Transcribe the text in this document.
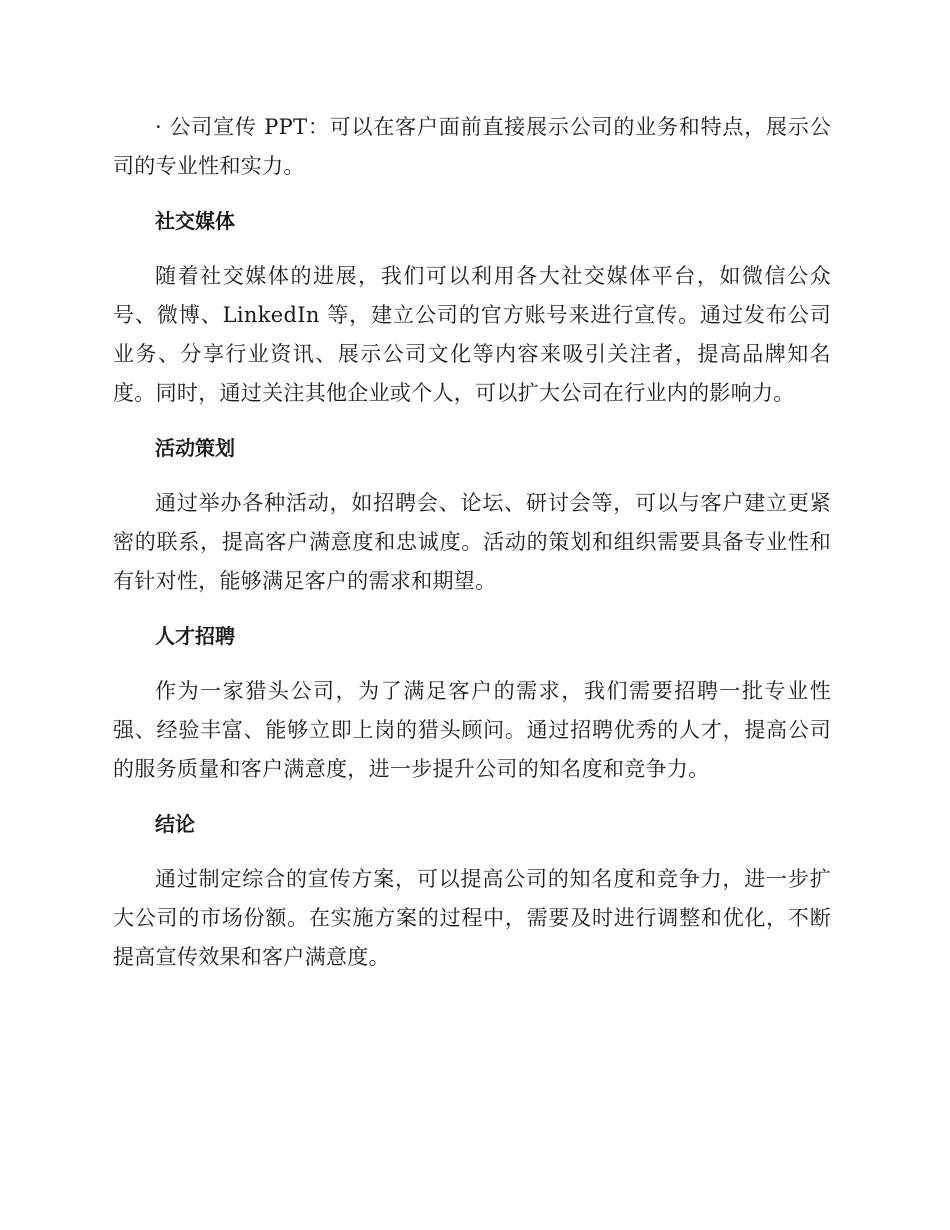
· 公司宣传 PPT：可以在客户面前直接展示公司的业务和特点，展示公司的专业性和实力。

社交媒体

随着社交媒体的进展，我们可以利用各大社交媒体平台，如微信公众号、微博、LinkedIn 等，建立公司的官方账号来进行宣传。通过发布公司业务、分享行业资讯、展示公司文化等内容来吸引关注者，提高品牌知名度。同时，通过关注其他企业或个人，可以扩大公司在行业内的影响力。

活动策划

通过举办各种活动，如招聘会、论坛、研讨会等，可以与客户建立更紧密的联系，提高客户满意度和忠诚度。活动的策划和组织需要具备专业性和有针对性，能够满足客户的需求和期望。

人才招聘

作为一家猎头公司，为了满足客户的需求，我们需要招聘一批专业性强、经验丰富、能够立即上岗的猎头顾问。通过招聘优秀的人才，提高公司的服务质量和客户满意度，进一步提升公司的知名度和竞争力。

结论

通过制定综合的宣传方案，可以提高公司的知名度和竞争力，进一步扩大公司的市场份额。在实施方案的过程中，需要及时进行调整和优化，不断提高宣传效果和客户满意度。
